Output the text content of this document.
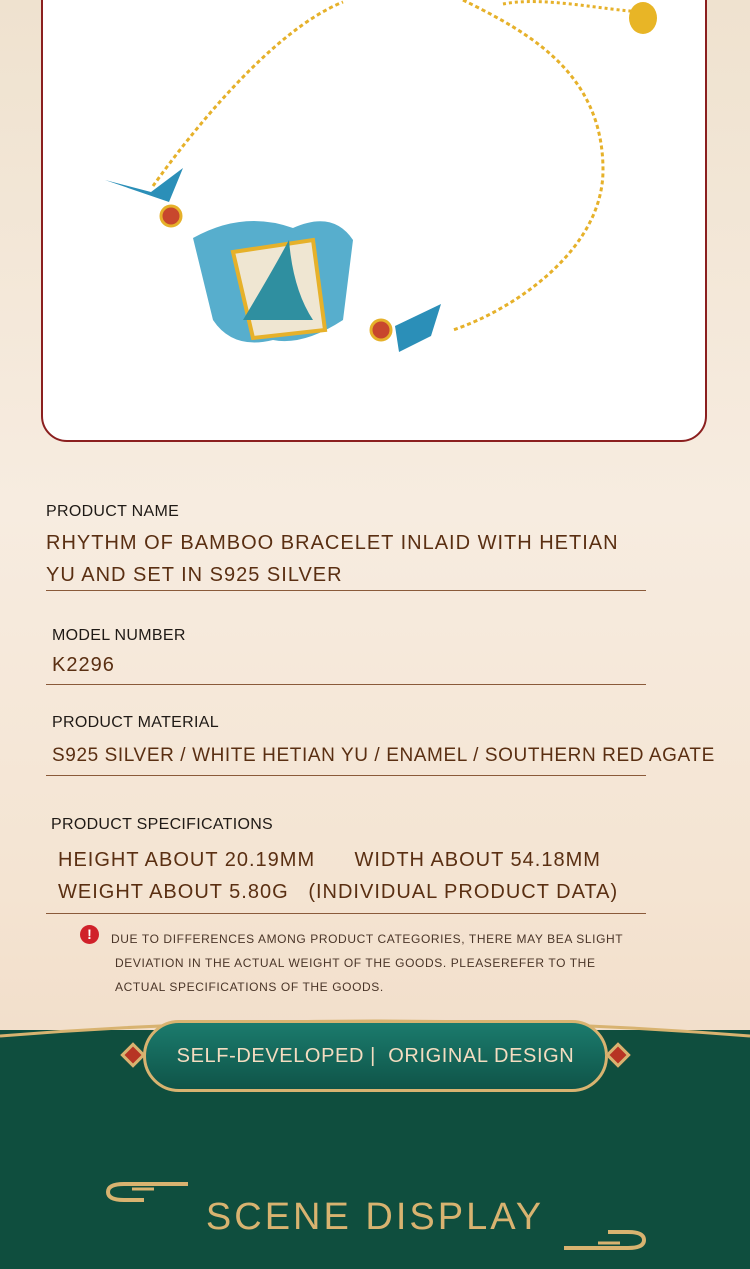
PRODUCT NAME
RHYTHM OF BAMBOO BRACELET INLAID WITH HETIAN
YU AND SET IN S925 SILVER
MODEL NUMBER
K2296
PRODUCT MATERIAL
S925 SILVER / WHITE HETIAN YU / ENAMEL / SOUTHERN RED AGATE
PRODUCT SPECIFICATIONS
HEIGHT ABOUT 20.19MM      WIDTH ABOUT 54.18MM
WEIGHT ABOUT 5.80G   (INDIVIDUAL PRODUCT DATA)
!	DUE TO DIFFERENCES AMONG PRODUCT CATEGORIES, THERE MAY BEA SLIGHT
DEVIATION IN THE ACTUAL WEIGHT OF THE GOODS. PLEASEREFER TO THE
ACTUAL SPECIFICATIONS OF THE GOODS.
SELF-DEVELOPED |  ORIGINAL DESIGN
SCENE DISPLAY
